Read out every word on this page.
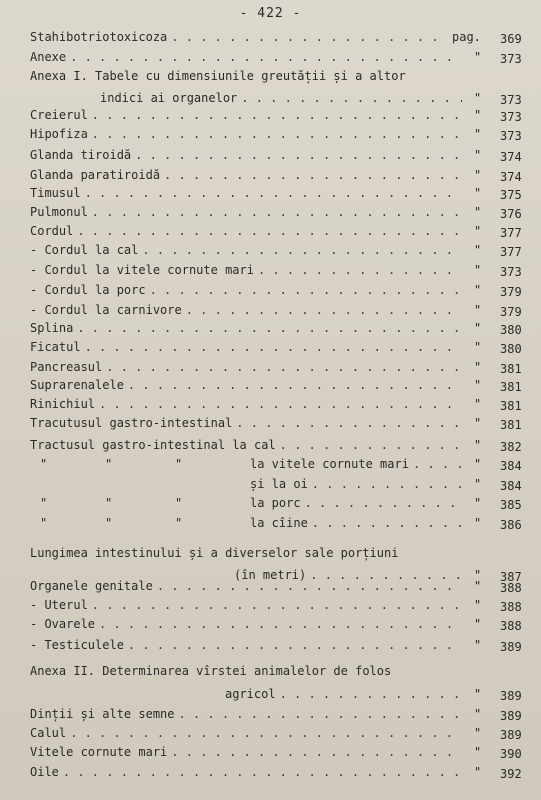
- 422 -
Stahibotriotoxicoza . . .	pag. 369
Anexe . . .	" 373
Anexa I. Tabele cu dimensiunile greutății și a altor
indici ai organelor . . .	" 373
Creierul . . .	" 373
Hipofiza . . .	" 373
Glanda tiroidă . . .	" 374
Glanda paratiroidă . . .	" 374
Timusul . . .	" 375
Pulmonul . . .	" 376
Cordul . . .	" 377
- Cordul la cal . . .	" 377
- Cordul la vitele cornute mari . . .	" 373
- Cordul la porc . . .	" 379
- Cordul la carnivore . . .	" 379
Splina . . .	" 380
Ficatul . . .	" 380
Pancreasul . . .	" 381
Suprarenalele . . .	" 381
Rinichiul . . .	" 381
Tracutusul gastro-intestinal . . .	" 381
Tractusul gastro-intestinal la cal . . .	" 382
"	"	"	la vitele cornute mari . . .	" 384
și la oi . . .	" 384
"	"	"	la porc . . .	" 385
"	"	"	la cîine . . .	" 386
Lungimea intestinului și a diverselor sale porțiuni
(în metri) . . .	" 387
Organele genitale . . .	" 388
- Uterul . . .	" 388
- Ovarele . . .	" 388
- Testiculele . . .	" 389
Anexa II. Determinarea vîrstei animalelor de folos
agricol . . .	" 389
Dinții și alte semne . . .	" 389
Calul . . .	" 389
Vitele cornute mari . . .	" 390
Oile . . .	" 392
